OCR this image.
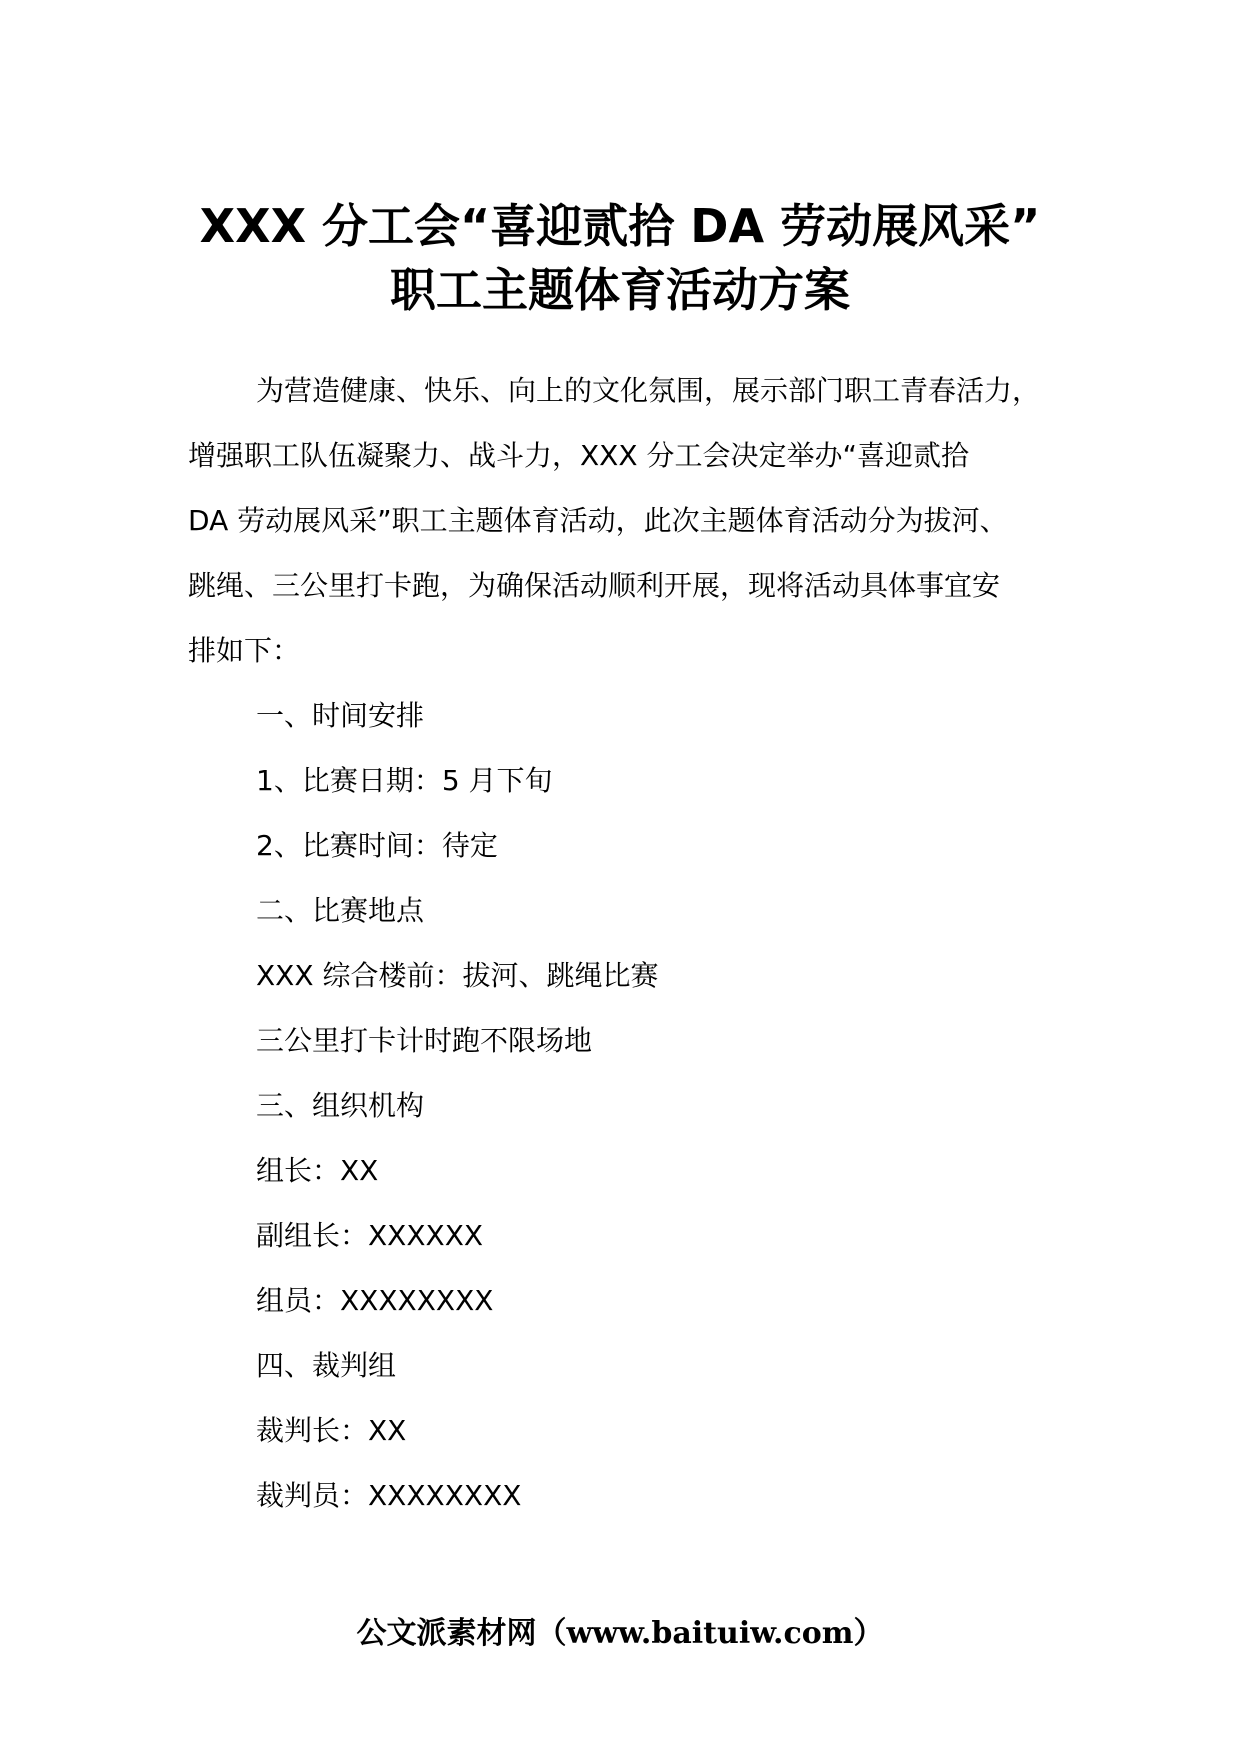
XXX 分工会“喜迎贰拾 DA 劳动展风采”
职工主题体育活动方案

为营造健康、快乐、向上的文化氛围，展示部门职工青春活力，
增强职工队伍凝聚力、战斗力，XXX 分工会决定举办“喜迎贰拾
DA 劳动展风采”职工主题体育活动，此次主题体育活动分为拔河、
跳绳、三公里打卡跑，为确保活动顺利开展，现将活动具体事宜安
排如下：

一、时间安排
1、比赛日期：5 月下旬
2、比赛时间：待定
二、比赛地点
XXX 综合楼前：拔河、跳绳比赛
三公里打卡计时跑不限场地
三、组织机构
组长：XX
副组长：XXXXXX
组员：XXXXXXXX
四、裁判组
裁判长：XX
裁判员：XXXXXXXX
公文派素材网（www.baituiw.com）
